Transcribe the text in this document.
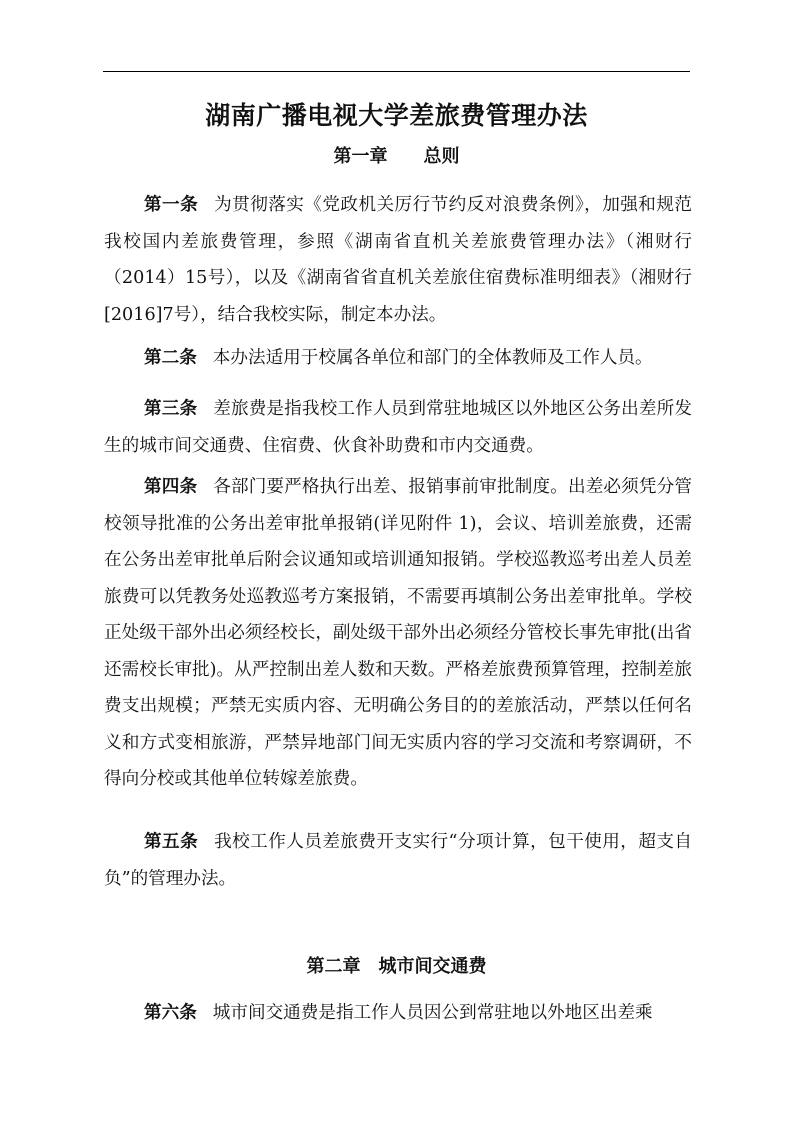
湖南广播电视大学差旅费管理办法
第一章　　总则

第一条 为贯彻落实《党政机关厉行节约反对浪费条例》，加强和规范我校国内差旅费管理，参照《湖南省直机关差旅费管理办法》（湘财行（2014）15号），以及《湖南省省直机关差旅住宿费标准明细表》（湘财行[2016]7号），结合我校实际，制定本办法。

第二条 本办法适用于校属各单位和部门的全体教师及工作人员。

第三条 差旅费是指我校工作人员到常驻地城区以外地区公务出差所发生的城市间交通费、住宿费、伙食补助费和市内交通费。

第四条 各部门要严格执行出差、报销事前审批制度。出差必须凭分管校领导批准的公务出差审批单报销(详见附件 1)，会议、培训差旅费，还需在公务出差审批单后附会议通知或培训通知报销。学校巡教巡考出差人员差旅费可以凭教务处巡教巡考方案报销，不需要再填制公务出差审批单。学校正处级干部外出必须经校长，副处级干部外出必须经分管校长事先审批(出省还需校长审批)。从严控制出差人数和天数。严格差旅费预算管理，控制差旅费支出规模；严禁无实质内容、无明确公务目的的差旅活动，严禁以任何名义和方式变相旅游，严禁异地部门间无实质内容的学习交流和考察调研，不得向分校或其他单位转嫁差旅费。

第五条 我校工作人员差旅费开支实行“分项计算，包干使用，超支自负”的管理办法。

第二章　城市间交通费

第六条 城市间交通费是指工作人员因公到常驻地以外地区出差乘
